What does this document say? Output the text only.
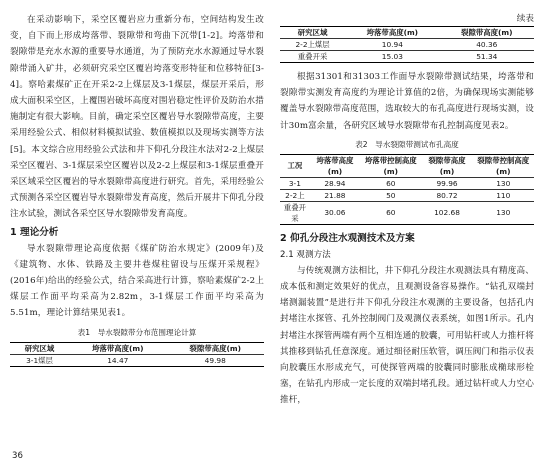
在采动影响下，采空区覆岩应力重新分布，空间结构发生改变，自下而上形成垮落带、裂隙带和弯曲下沉带[1-2]。垮落带和裂隙带是充水水源的重要导水通道，为了预防充水水源通过导水裂隙带涌入矿井，必须研究采空区覆岩垮落变形特征和位移特征[3-4]。察哈素煤矿正在开采2-2上煤层及3-1煤层，煤层开采后，形成大面积采空区，上覆围岩破坏高度对围岩稳定性评价及防治水措施制定有很大影响。目前，确定采空区覆岩导水裂隙带高度，主要采用经验公式、相似材料模拟试验、数值模拟以及现场实测等方法[5]。本文综合应用经验公式法和井下仰孔分段注水法对2-2上煤层采空区覆岩、3-1煤层采空区覆岩以及2-2上煤层和3-1煤层重叠开采区域采空区覆岩的导水裂隙带高度进行研究。首先，采用经验公式预测各采空区覆岩导水裂隙带发育高度，然后开展井下仰孔分段注水试验，测试各采空区导水裂隙带发育高度。

1 理论分析

导水裂隙带理论高度依据《煤矿防治水规定》(2009年)及《建筑物、水体、铁路及主要井巷煤柱留设与压煤开采规程》(2016年)给出的经验公式，结合采高进行计算，察哈素煤矿2-2上煤层工作面平均采高为2.82m，3-1煤层工作面平均采高为5.51m，理论计算结果见表1。

表1　导水裂隙带分布范围理论计算
研究区域	垮落带高度(m)	裂隙带高度(m)
3-1煤层	14.47	49.98

续表

研究区域	垮落带高度(m)	裂隙带高度(m)
2-2上煤层	10.94	40.36
重叠开采	15.03	51.34

根据31301和31303工作面导水裂隙带测试结果，垮落带和裂隙带实测发育高度约为理论计算值的2倍，为确保现场实测能够覆盖导水裂隙带高度范围，选取较大的布孔高度进行现场实测，设计30m富余量，各研究区域导水裂隙带布孔控制高度见表2。

表2　导水裂隙带测试布孔高度
工况	垮落带高度(m)	垮落带控制高度(m)	裂隙带高度(m)	裂隙带控制高度(m)
3-1	28.94	60	99.96	130
2-2上	21.88	50	80.72	110
重叠开采	30.06	60	102.68	130
2 仰孔分段注水观测技术及方案
2.1 观测方法

与传统观测方法相比，井下仰孔分段注水观测法具有精度高、成本低和测定效果好的优点，且观测设备容易操作。“钻孔双端封堵测漏装置”是进行井下仰孔分段注水观测的主要设备，包括孔内封堵注水探管、孔外控制阀门及观测仪表系统，如图1所示。孔内封堵注水探管两端有两个互相连通的胶囊，可用钻杆或人力推杆将其推移到钻孔任意深度。通过细径耐压软管，调压阀门和指示仪表向胶囊压水形成充气，可使探管两端的胶囊同时膨胀成椭球形栓塞，在钻孔内形成一定长度的双端封堵孔段。通过钻杆或人力空心推杆，

36
